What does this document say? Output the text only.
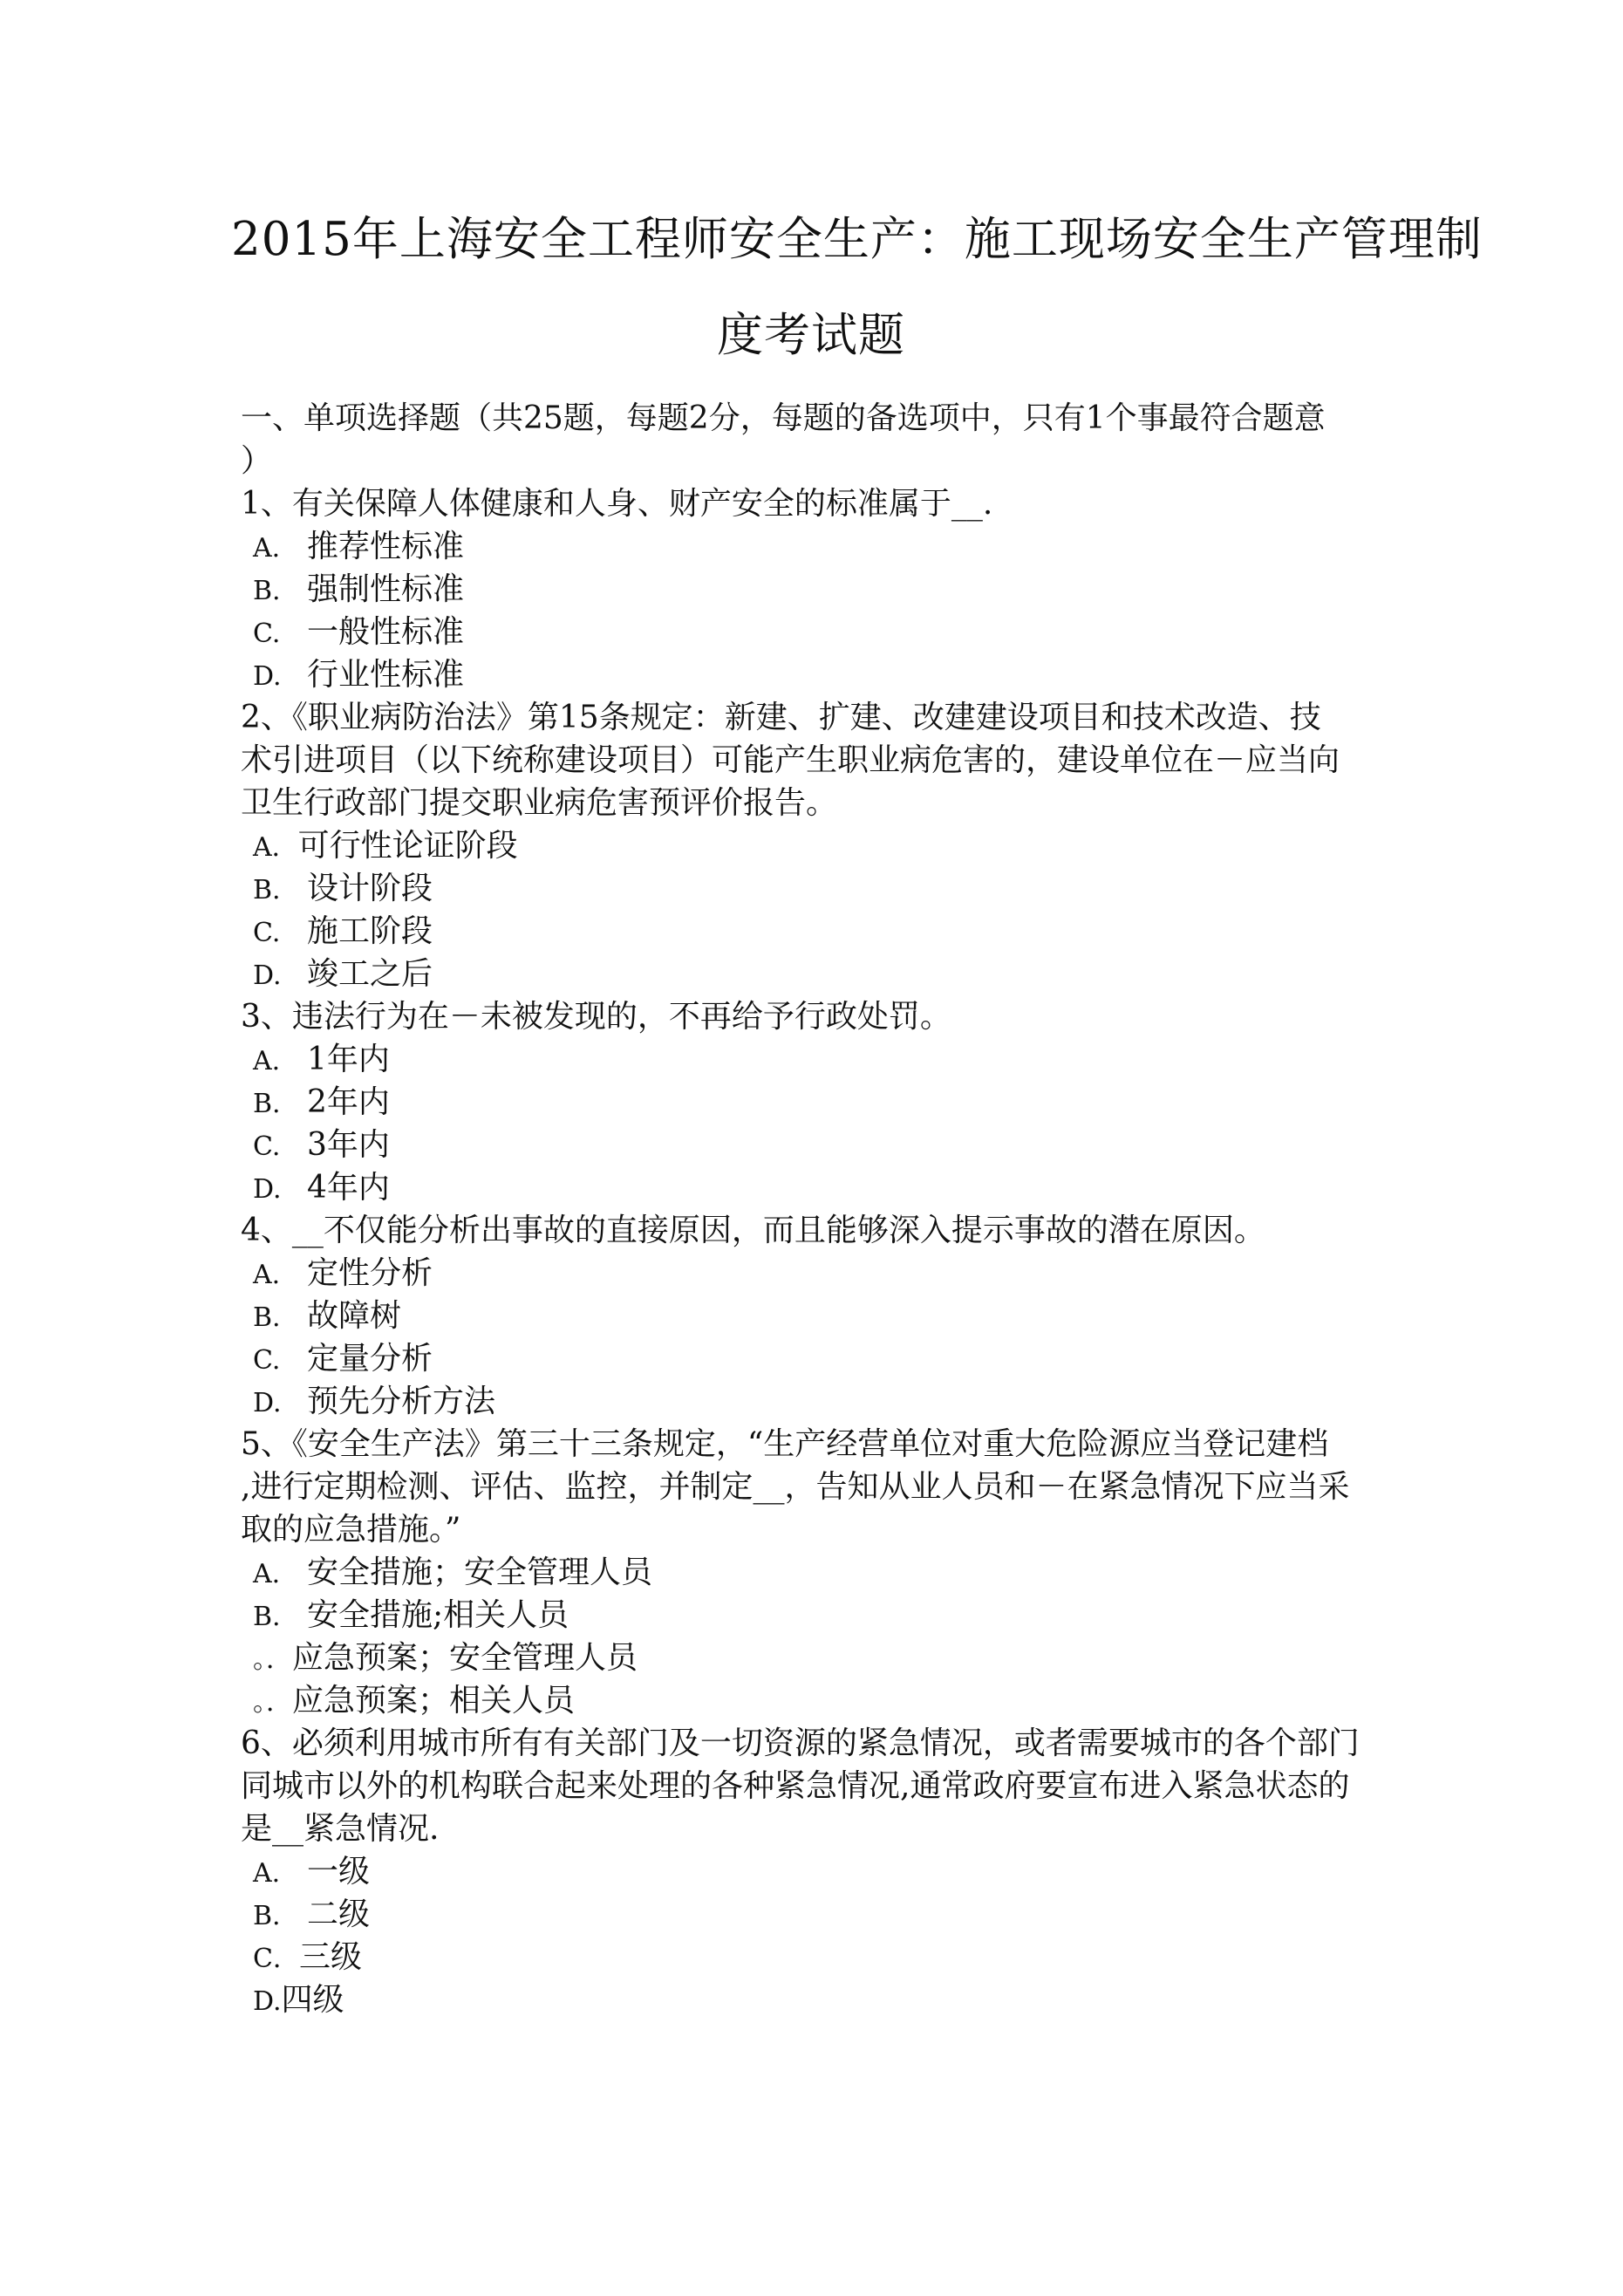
2015年上海安全工程师安全生产：施工现场安全生产管理制
度考试题
一、单项选择题（共25题，每题2分，每题的备选项中，只有1个事最符合题意
）
1、有关保障人体健康和人身、财产安全的标准属于__.
A. 推荐性标准
B. 强制性标准
C. 一般性标准
D. 行业性标准
2、《职业病防治法》第15条规定：新建、扩建、改建建设项目和技术改造、技
术引进项目（以下统称建设项目）可能产生职业病危害的，建设单位在－应当向
卫生行政部门提交职业病危害预评价报告。
A．可行性论证阶段
B. 设计阶段
C. 施工阶段
D. 竣工之后
3、违法行为在－未被发现的，不再给予行政处罚。
A. 1年内
B. 2年内
C. 3年内
D. 4年内
4、__不仅能分析出事故的直接原因，而且能够深入提示事故的潜在原因。
A. 定性分析
B. 故障树
C. 定量分析
D. 预先分析方法
5、《安全生产法》第三十三条规定，“生产经营单位对重大危险源应当登记建档
,进行定期检测、评估、监控，并制定__，告知从业人员和－在紧急情况下应当采
取的应急措施。”
A. 安全措施；安全管理人员
B. 安全措施;相关人员
。．应急预案；安全管理人员
。．应急预案；相关人员
6、必须利用城市所有有关部门及一切资源的紧急情况，或者需要城市的各个部门
同城市以外的机构联合起来处理的各种紧急情况,通常政府要宣布进入紧急状态的
是__紧急情况.
A. 一级
B. 二级
C．三级
D.四级
